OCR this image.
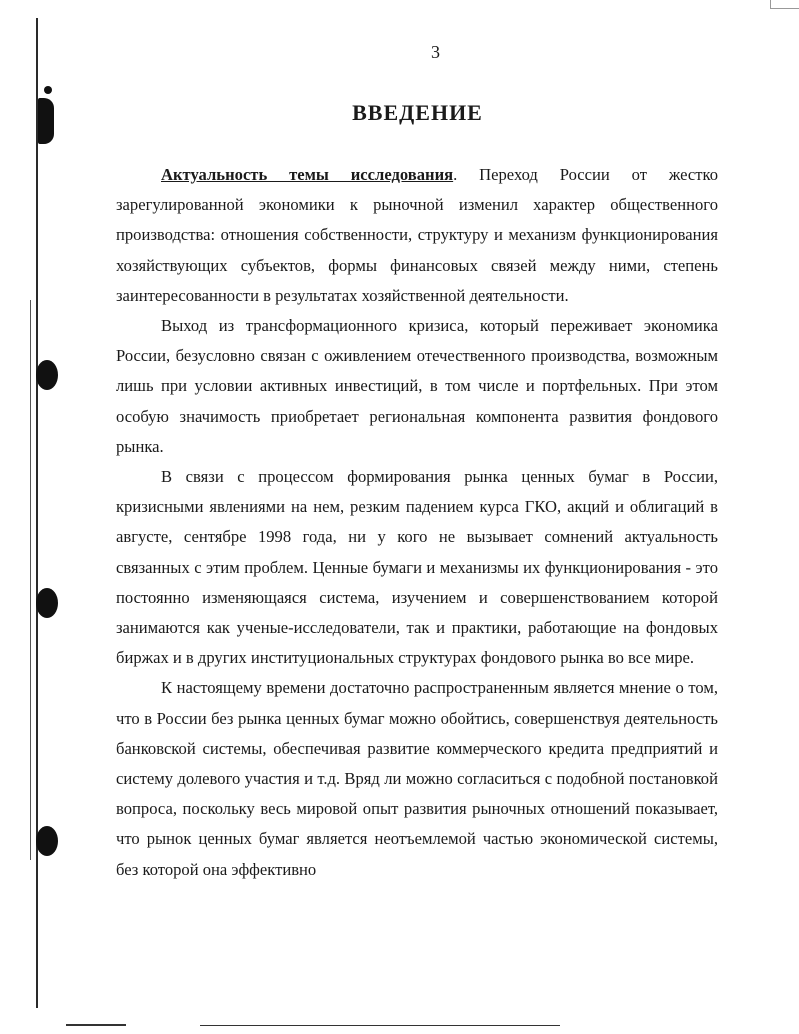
3
ВВЕДЕНИЕ

Актуальность темы исследования. Переход России от жестко зарегулированной экономики к рыночной изменил характер общественного производства: отношения собственности, структуру и механизм функционирования хозяйствующих субъектов, формы финансовых связей между ними, степень заинтересованности в результатах хозяйственной деятельности.

Выход из трансформационного кризиса, который переживает экономика России, безусловно связан с оживлением отечественного производства, возможным лишь при условии активных инвестиций, в том числе и портфельных. При этом особую значимость приобретает региональная компонента развития фондового рынка.

В связи с процессом формирования рынка ценных бумаг в России, кризисными явлениями на нем, резким падением курса ГКО, акций и облигаций в августе, сентябре 1998 года, ни у кого не вызывает сомнений актуальность связанных с этим проблем. Ценные бумаги и механизмы их функционирования - это постоянно изменяющаяся система, изучением и совершенствованием которой занимаются как ученые-исследователи, так и практики, работающие на фондовых биржах и в других институциональных структурах фондового рынка во все мире.

К настоящему времени достаточно распространенным является мнение о том, что в России без рынка ценных бумаг можно обойтись, совершенствуя деятельность банковской системы, обеспечивая развитие коммерческого кредита предприятий и систему долевого участия и т.д. Вряд ли можно согласиться с подобной постановкой вопроса, поскольку весь мировой опыт развития рыночных отношений показывает, что рынок ценных бумаг является неотъемлемой частью экономической системы, без которой она эффективно
